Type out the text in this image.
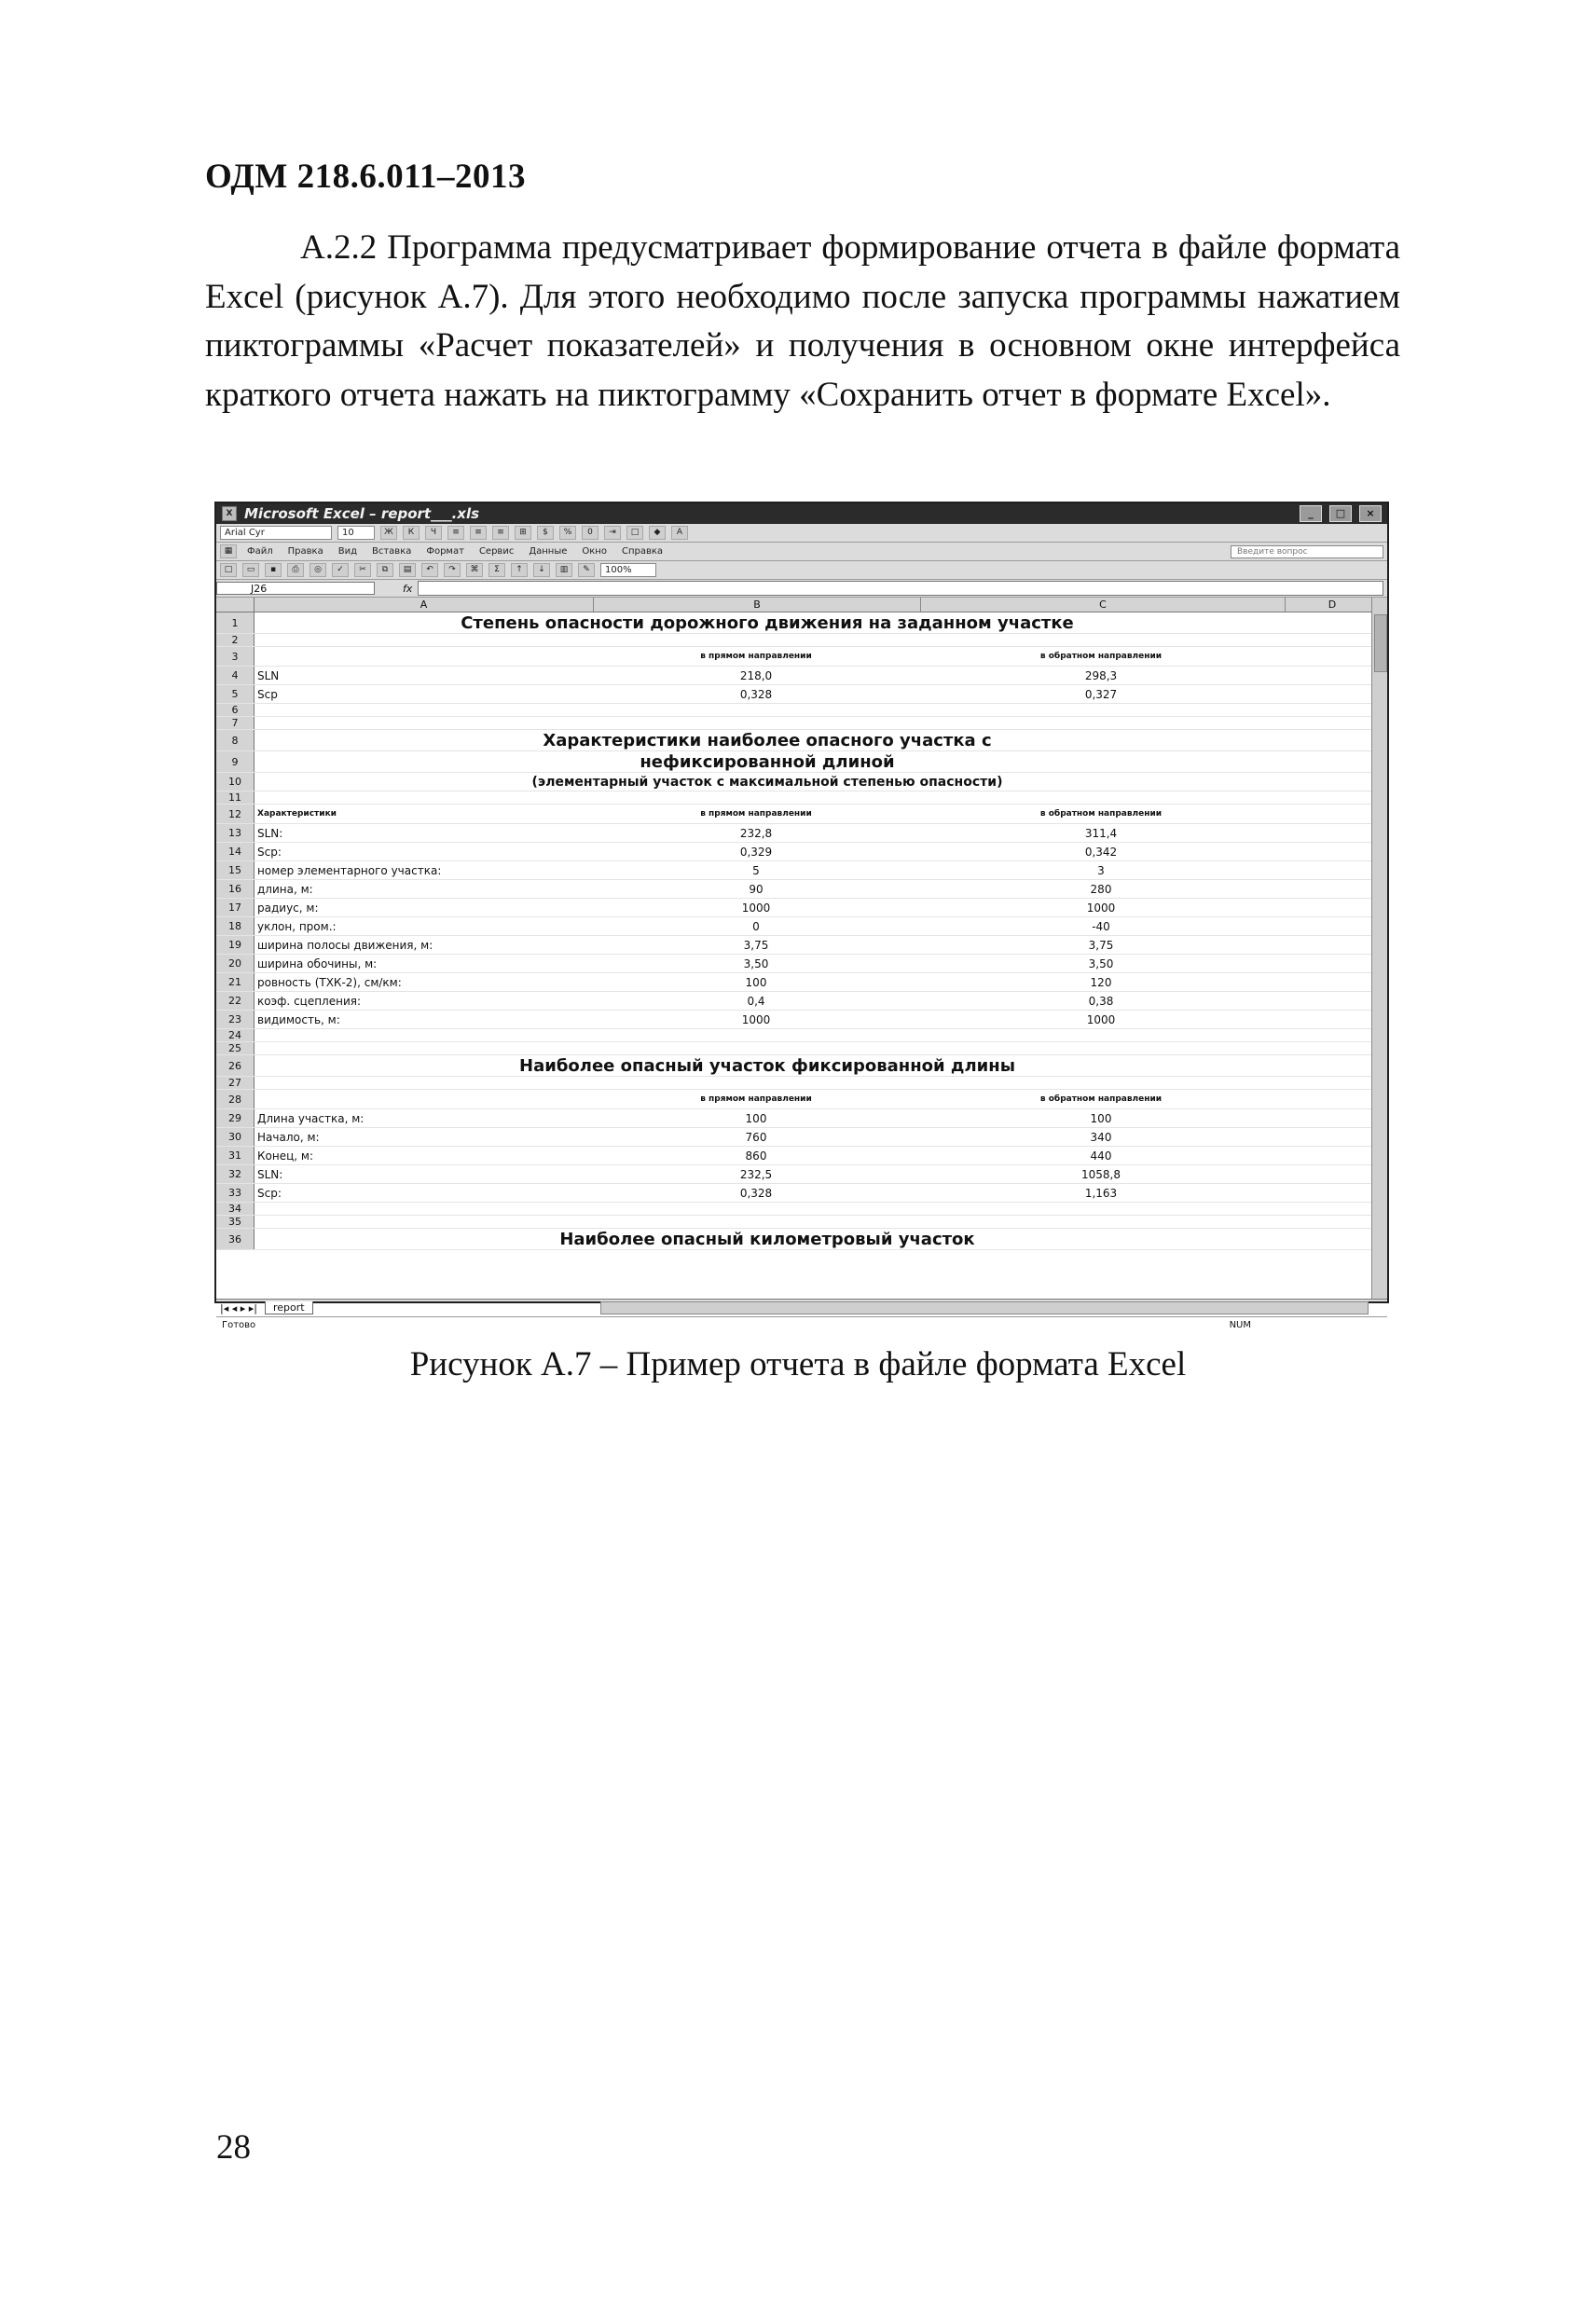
ОДМ 218.6.011–2013

А.2.2 Программа предусматривает формирование отчета в файле формата Excel (рисунок А.7). Для этого необходимо после запуска программы нажатием пиктограммы «Расчет показателей» и получения в основном окне интерфейса краткого отчета нажать на пиктограмму «Сохранить отчет в формате Excel».

X Microsoft Excel – report___.xls	_	□	×
Arial Cyr	10	Ж	К	Ч	≡	≡	≡	⊞	$	%	0	⇥	□	◆	A
▦	Файл	Правка	Вид	Вставка	Формат	Сервис	Данные	Окно	Справка	Введите вопрос
□	▭	▪	⎙	◎	✓	✂	⧉	▤	↶	↷	⌘	Σ	↑	↓	▥	✎	100%
J26	fx
A	B	C	D
1	Степень опасности дорожного движения на заданном участке
2
3	в прямом направлении	в обратном направлении
4	SLN	218,0	298,3
5	Scp	0,328	0,327
6
7
8	Характеристики наиболее опасного участка с
9	нефиксированной длиной
10	(элементарный участок с максимальной степенью опасности)
11
12	Характеристики	в прямом направлении	в обратном направлении
13	SLN:	232,8	311,4
14	Scp:	0,329	0,342
15	номер элементарного участка:	5	3
16	длина, м:	90	280
17	радиус, м:	1000	1000
18	уклон, пром.:	0	-40
19	ширина полосы движения, м:	3,75	3,75
20	ширина обочины, м:	3,50	3,50
21	ровность (ТХК-2), см/км:	100	120
22	коэф. сцепления:	0,4	0,38
23	видимость, м:	1000	1000
24
25
26	Наиболее опасный участок фиксированной длины
27
28	в прямом направлении	в обратном направлении
29	Длина участка, м:	100	100
30	Начало, м:	760	340
31	Конец, м:	860	440
32	SLN:	232,5	1058,8
33	Scp:	0,328	1,163
34
35
36	Наиболее опасный километровый участок
|◂ ◂ ▸ ▸|	report
Готово	NUM
Рисунок А.7 – Пример отчета в файле формата Excel
28
